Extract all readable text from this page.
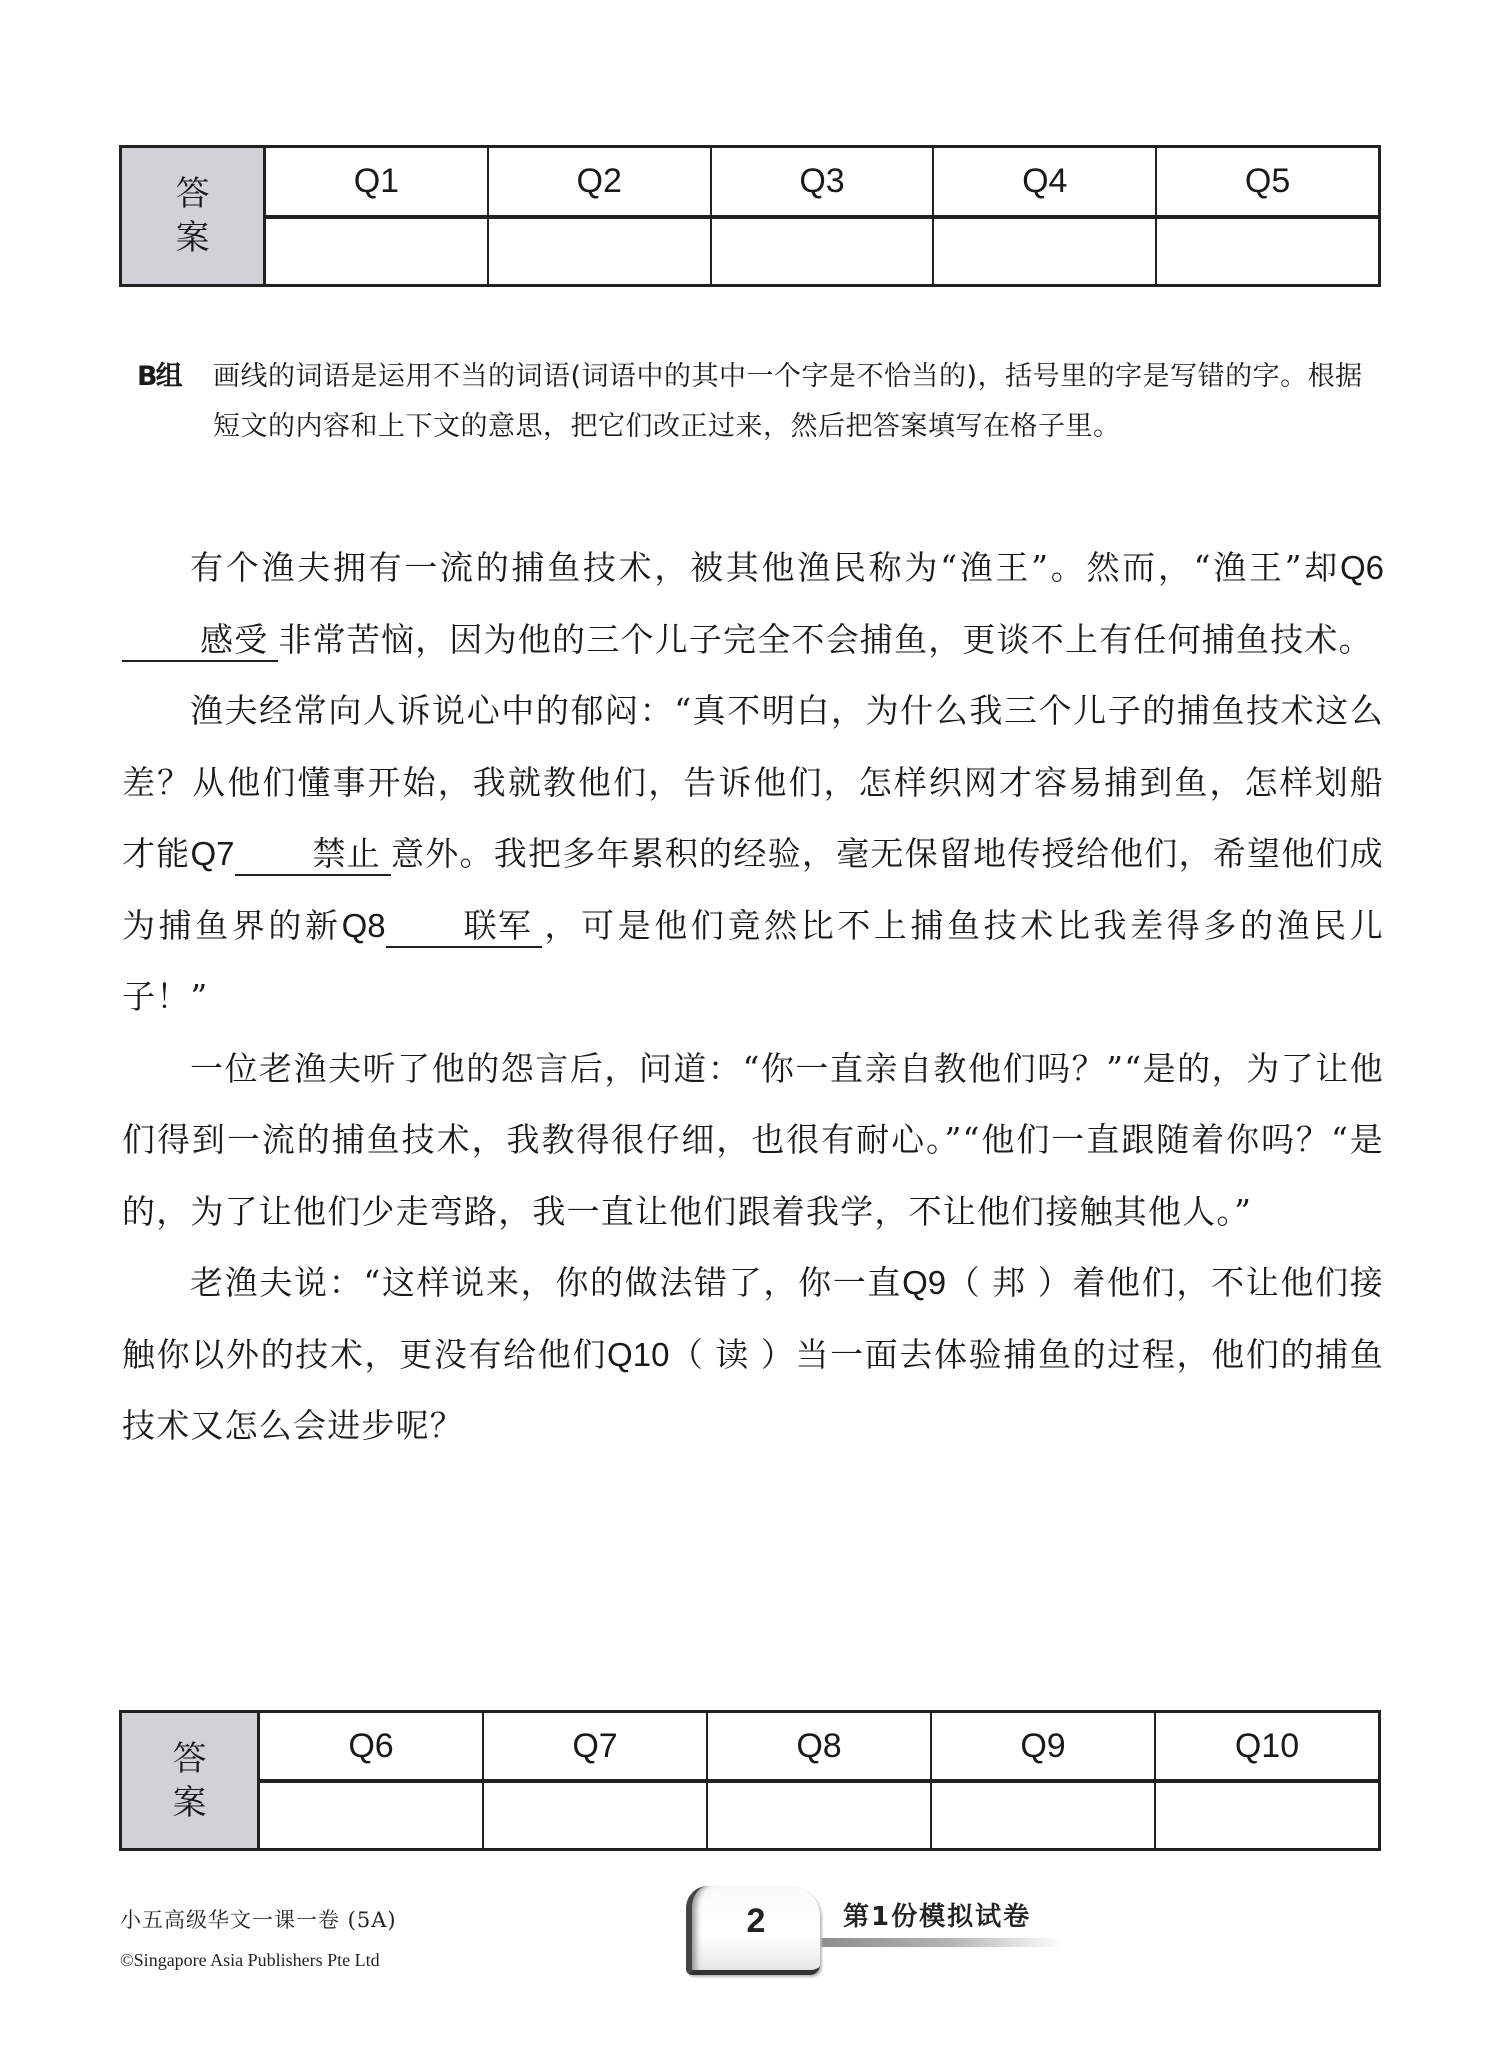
答
案
Q1	Q2	Q3	Q4	Q5
B组 画线的词语是运用不当的词语(词语中的其中一个字是不恰当的)，括号里的字是写错的字。根据短文的内容和上下文的意思，把它们改正过来，然后把答案填写在格子里。

有个渔夫拥有一流的捕鱼技术，被其他渔民称为“渔王”。然而，“渔王”却Q6感受 非常苦恼，因为他的三个儿子完全不会捕鱼，更谈不上有任何捕鱼技术。

渔夫经常向人诉说心中的郁闷：“真不明白，为什么我三个儿子的捕鱼技术这么差？从他们懂事开始，我就教他们，告诉他们，怎样织网才容易捕到鱼，怎样划船才能Q7 禁止 意外。我把多年累积的经验，毫无保留地传授给他们，希望他们成为捕鱼界的新Q8 联军 ，可是他们竟然比不上捕鱼技术比我差得多的渔民儿子！”

一位老渔夫听了他的怨言后，问道：“你一直亲自教他们吗？”“是的，为了让他们得到一流的捕鱼技术，我教得很仔细，也很有耐心。”“他们一直跟随着你吗？“是的，为了让他们少走弯路，我一直让他们跟着我学，不让他们接触其他人。”

老渔夫说：“这样说来，你的做法错了，你一直Q9（ 邦 ）着他们，不让他们接触你以外的技术，更没有给他们Q10（ 读 ）当一面去体验捕鱼的过程，他们的捕鱼技术又怎么会进步呢？

答
案
Q6	Q7	Q8	Q9	Q10
小五高级华文一课一卷 (5A)
©Singapore Asia Publishers Pte Ltd
2	第1份模拟试卷
